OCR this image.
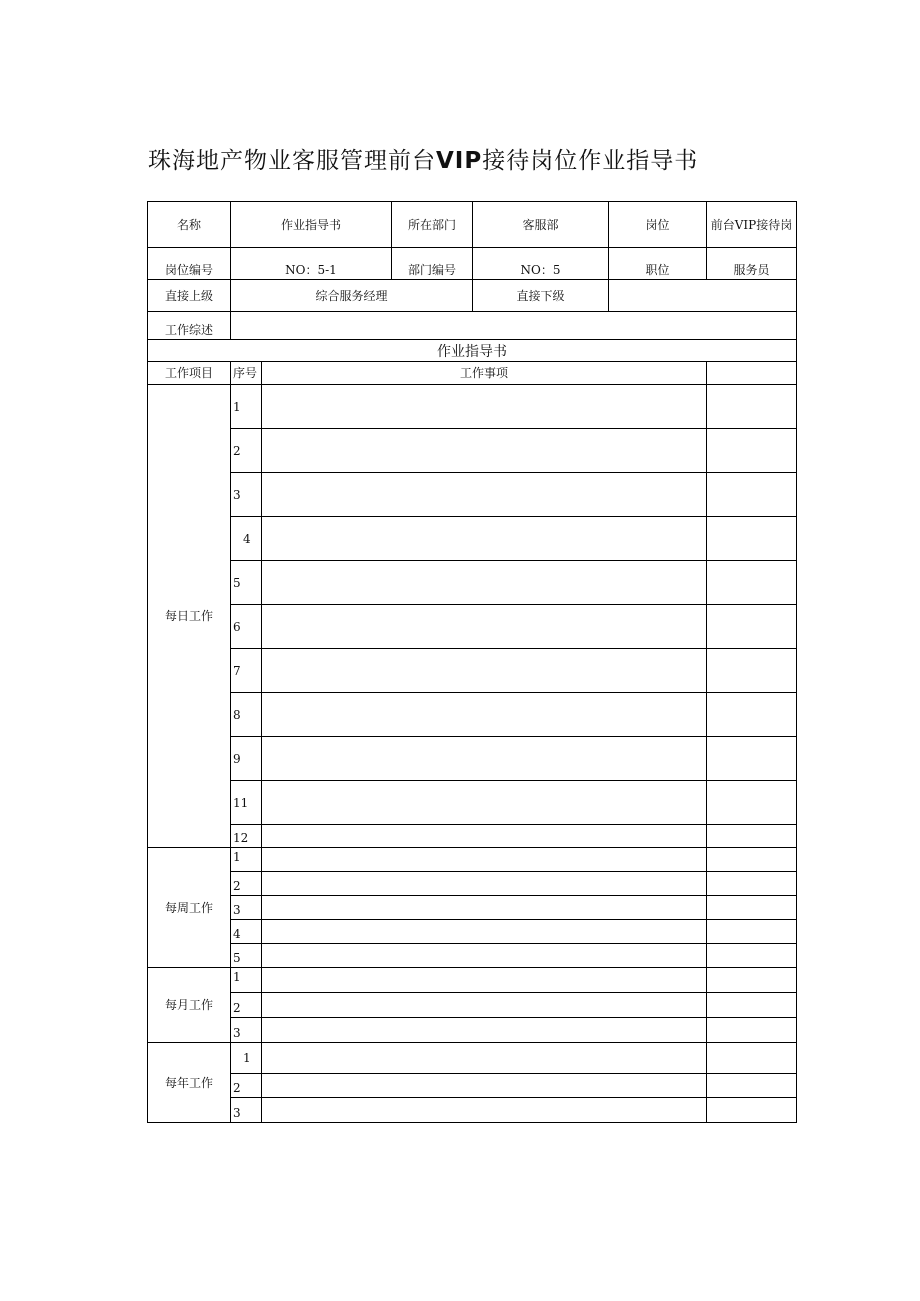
珠海地产物业客服管理前台VIP接待岗位作业指导书
名称	作业指导书	所在部门	客服部	岗位	前台VIP接待岗
岗位编号	NO：5-1	部门编号	NO：5	职位	服务员
直接上级	综合服务经理	直接下级
工作综述
作业指导书
工作项目	序号	工作事项
每日工作
1
2
3
4
5
6
7
8
9
11
12
每周工作
1
2
3
4
5
每月工作
1
2
3
每年工作
1
2
3
